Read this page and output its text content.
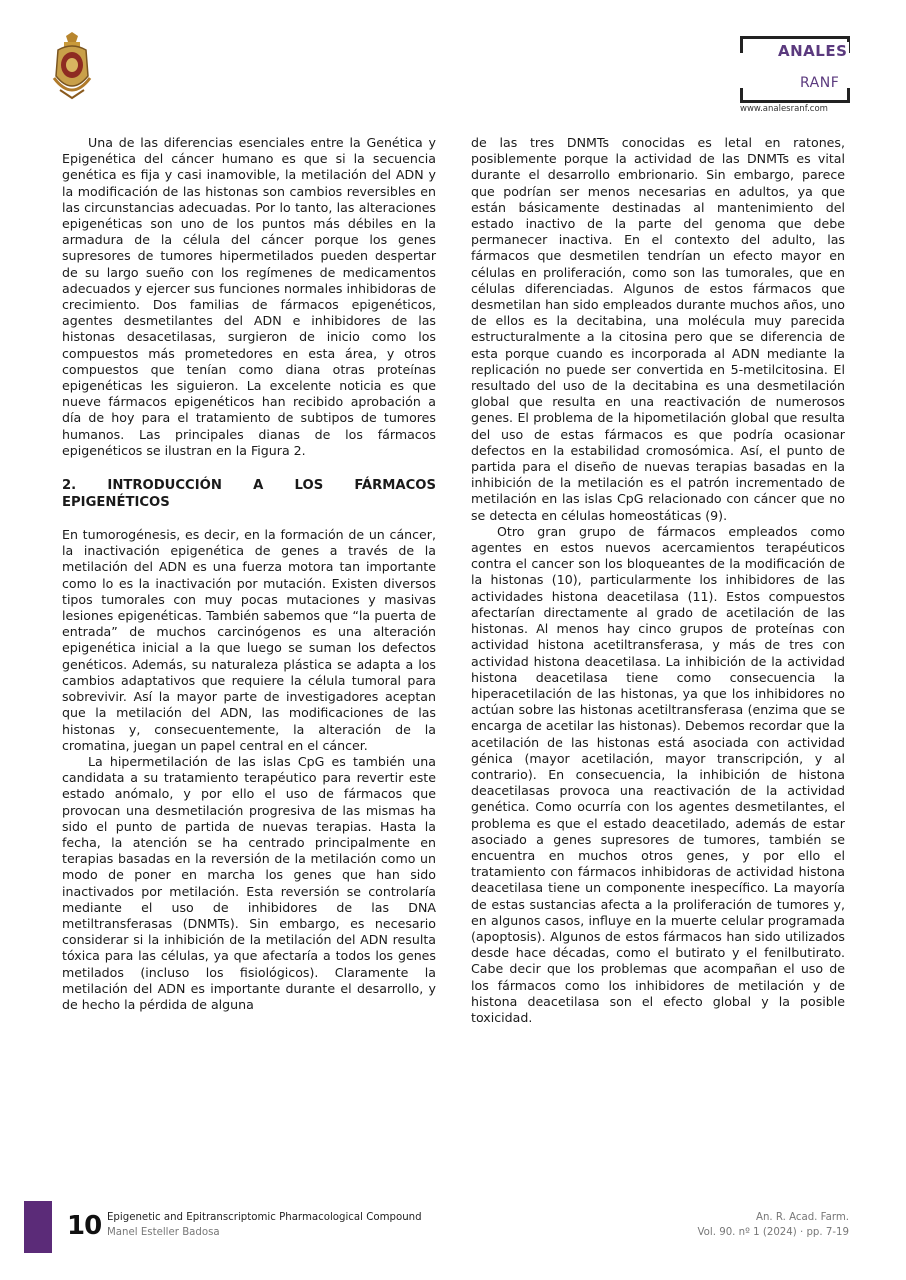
ANALES
RANF
www.analesranf.com

Una de las diferencias esenciales entre la Genética y Epigenética del cáncer humano es que si la secuencia genética es fija y casi inamovible, la metilación del ADN y la modificación de las histonas son cambios reversibles en las circunstancias adecuadas. Por lo tanto, las alteraciones epigenéticas son uno de los puntos más débiles en la armadura de la célula del cáncer porque los genes supresores de tumores hipermetilados pueden despertar de su largo sueño con los regímenes de medicamentos adecuados y ejercer sus funciones normales inhibidoras de crecimiento. Dos familias de fármacos epigenéticos, agentes desmetilantes del ADN e inhibidores de las histonas desacetilasas, surgieron de inicio como los compuestos más prometedores en esta área, y otros compuestos que tenían como diana otras proteínas epigenéticas les siguieron. La excelente noticia es que nueve fármacos epigenéticos han recibido aprobación a día de hoy para el tratamiento de subtipos de tumores humanos. Las principales dianas de los fármacos epigenéticos se ilustran en la Figura 2.

2. INTRODUCCIÓN A LOS FÁRMACOS
EPIGENÉTICOS

En tumorogénesis, es decir, en la formación de un cáncer, la inactivación epigenética de genes a través de la metilación del ADN es una fuerza motora tan importante como lo es la inactivación por mutación. Existen diversos tipos tumorales con muy pocas mutaciones y masivas lesiones epigenéticas. También sabemos que “la puerta de entrada” de muchos carcinógenos es una alteración epigenética inicial a la que luego se suman los defectos genéticos. Además, su naturaleza plástica se adapta a los cambios adaptativos que requiere la célula tumoral para sobrevivir. Así la mayor parte de investigadores aceptan que la metilación del ADN, las modificaciones de las histonas y, consecuentemente, la alteración de la cromatina, juegan un papel central en el cáncer.

La hipermetilación de las islas CpG es también una candidata a su tratamiento terapéutico para revertir este estado anómalo, y por ello el uso de fármacos que provocan una desmetilación progresiva de las mismas ha sido el punto de partida de nuevas terapias. Hasta la fecha, la atención se ha centrado principalmente en terapias basadas en la reversión de la metilación como un modo de poner en marcha los genes que han sido inactivados por metilación. Esta reversión se controlaría mediante el uso de inhibidores de las DNA metiltransferasas (DNMTs). Sin embargo, es necesario considerar si la inhibición de la metilación del ADN resulta tóxica para las células, ya que afectaría a todos los genes metilados (incluso los fisiológicos). Claramente la metilación del ADN es importante durante el desarrollo, y de hecho la pérdida de alguna

de las tres DNMTs conocidas es letal en ratones, posiblemente porque la actividad de las DNMTs es vital durante el desarrollo embrionario. Sin embargo, parece que podrían ser menos necesarias en adultos, ya que están básicamente destinadas al mantenimiento del estado inactivo de la parte del genoma que debe permanecer inactiva. En el contexto del adulto, las fármacos que desmetilen tendrían un efecto mayor en células en proliferación, como son las tumorales, que en células diferenciadas. Algunos de estos fármacos que desmetilan han sido empleados durante muchos años, uno de ellos es la decitabina, una molécula muy parecida estructuralmente a la citosina pero que se diferencia de esta porque cuando es incorporada al ADN mediante la replicación no puede ser convertida en 5-metilcitosina. El resultado del uso de la decitabina es una desmetilación global que resulta en una reactivación de numerosos genes. El problema de la hipometilación global que resulta del uso de estas fármacos es que podría ocasionar defectos en la estabilidad cromosómica. Así, el punto de partida para el diseño de nuevas terapias basadas en la inhibición de la metilación es el patrón incrementado de metilación en las islas CpG relacionado con cáncer que no se detecta en células homeostáticas (9).

Otro gran grupo de fármacos empleados como agentes en estos nuevos acercamientos terapéuticos contra el cancer son los bloqueantes de la modificación de la histonas (10), particularmente los inhibidores de las actividades histona deacetilasa (11). Estos compuestos afectarían directamente al grado de acetilación de las histonas. Al menos hay cinco grupos de proteínas con actividad histona acetiltransferasa, y más de tres con actividad histona deacetilasa. La inhibición de la actividad histona deacetilasa tiene como consecuencia la hiperacetilación de las histonas, ya que los inhibidores no actúan sobre las histonas acetiltransferasa (enzima que se encarga de acetilar las histonas). Debemos recordar que la acetilación de las histonas está asociada con actividad génica (mayor acetilación, mayor transcripción, y al contrario). En consecuencia, la inhibición de histona deacetilasas provoca una reactivación de la actividad genética. Como ocurría con los agentes desmetilantes, el problema es que el estado deacetilado, además de estar asociado a genes supresores de tumores, también se encuentra en muchos otros genes, y por ello el tratamiento con fármacos inhibidoras de actividad histona deacetilasa tiene un componente inespecífico. La mayoría de estas sustancias afecta a la proliferación de tumores y, en algunos casos, influye en la muerte celular programada (apoptosis). Algunos de estos fármacos han sido utilizados desde hace décadas, como el butirato y el fenilbutirato. Cabe decir que los problemas que acompañan el uso de los fármacos como los inhibidores de metilación y de histona deacetilasa son el efecto global y la posible toxicidad.

10 Epigenetic and Epitranscriptomic Pharmacological Compound
Manel Esteller Badosa
An. R. Acad. Farm.
Vol. 90. nº 1 (2024) · pp. 7-19
